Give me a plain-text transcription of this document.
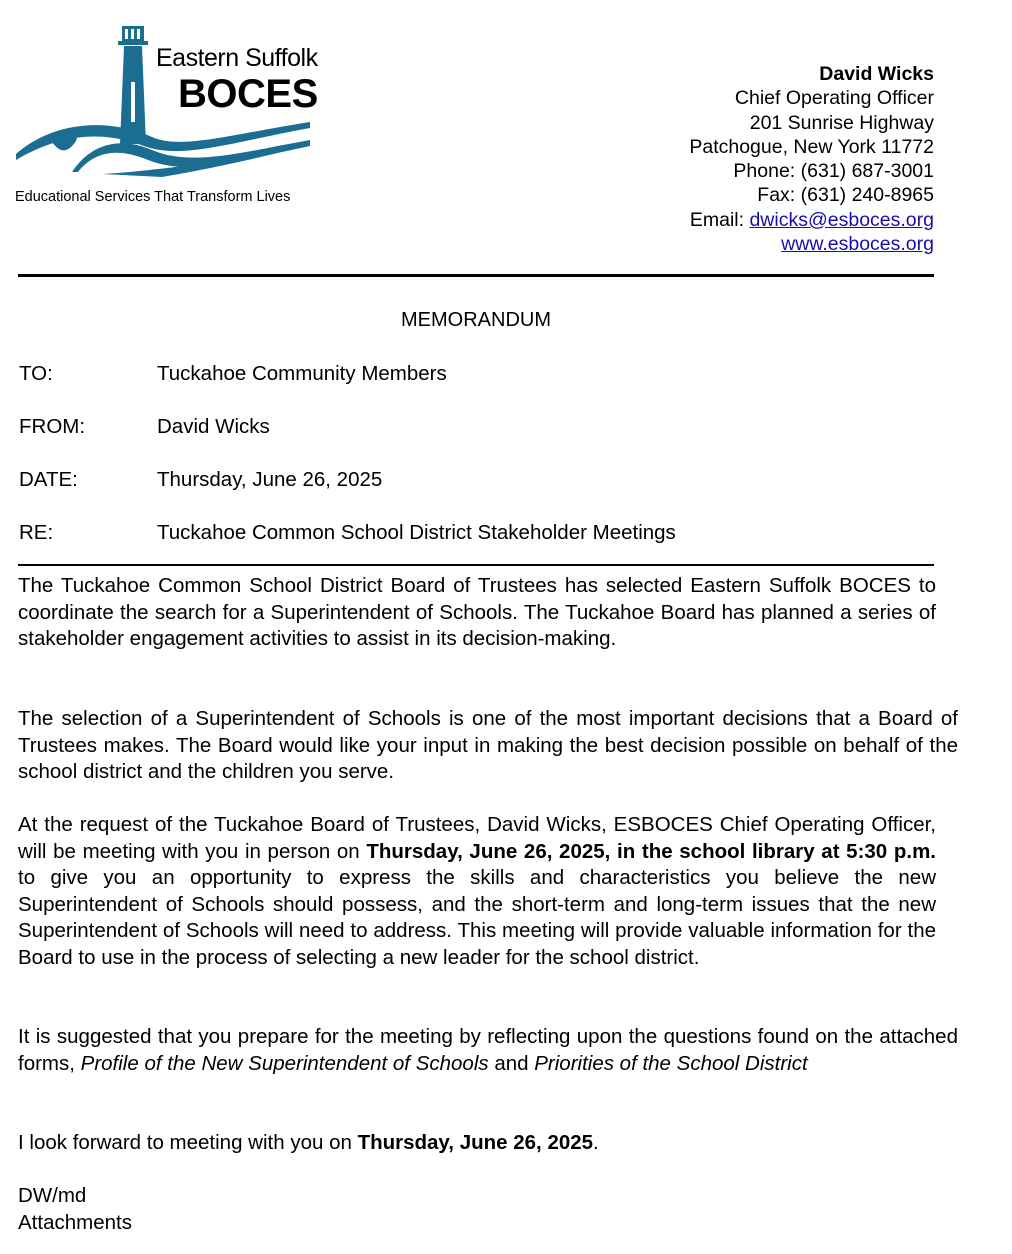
Eastern Suffolk
BOCES
Educational Services That Transform Lives
David Wicks
Chief Operating Officer
201 Sunrise Highway
Patchogue, New York 11772
Phone: (631) 687-3001
Fax: (631) 240-8965
Email: dwicks@esboces.org
www.esboces.org
MEMORANDUM
TO:	Tuckahoe Community Members
FROM:	David Wicks
DATE:	Thursday, June 26, 2025
RE:	Tuckahoe Common School District Stakeholder Meetings
The Tuckahoe Common School District Board of Trustees has selected Eastern Suffolk BOCES to coordinate the search for a Superintendent of Schools. The Tuckahoe Board has planned a series of stakeholder engagement activities to assist in its decision-making.
The selection of a Superintendent of Schools is one of the most important decisions that a Board of Trustees makes. The Board would like your input in making the best decision possible on behalf of the school district and the children you serve.
At the request of the Tuckahoe Board of Trustees, David Wicks, ESBOCES Chief Operating Officer, will be meeting with you in person on Thursday, June 26, 2025, in the school library at 5:30 p.m. to give you an opportunity to express the skills and characteristics you believe the new Superintendent of Schools should possess, and the short-term and long-term issues that the new Superintendent of Schools will need to address. This meeting will provide valuable information for the Board to use in the process of selecting a new leader for the school district.
It is suggested that you prepare for the meeting by reflecting upon the questions found on the attached forms, Profile of the New Superintendent of Schools and Priorities of the School District
I look forward to meeting with you on Thursday, June 26, 2025.
DW/md
Attachments
